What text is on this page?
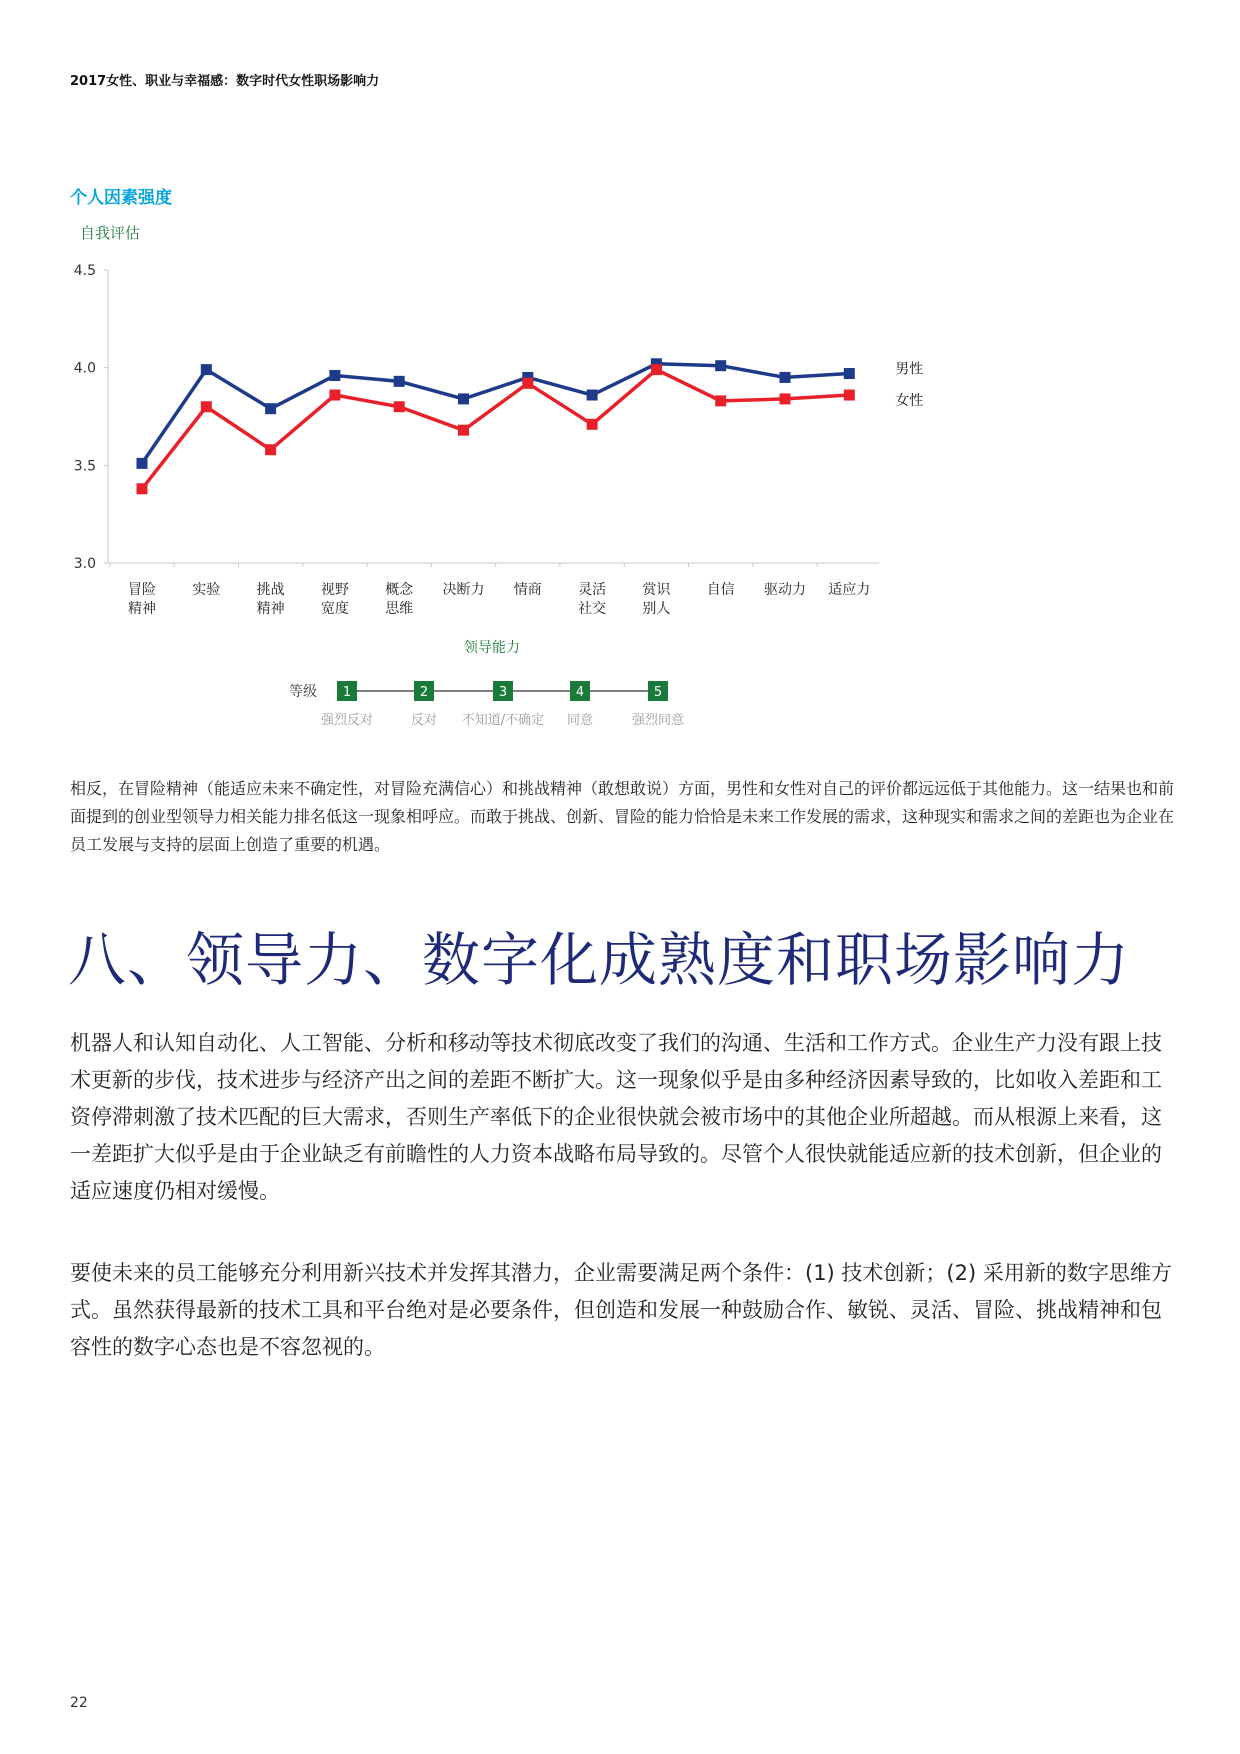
2017女性、职业与幸福感：数字时代女性职场影响力
个人因素强度
自我评估
3.0
3.5
4.0
4.5
冒险
精神
实验	挑战
精神
视野
宽度
概念
思维
决断力 情商	灵活
社交
赏识
别人
自信 驱动力 适应力
领导能力
男性
女性
等级 1
强烈反对
2
反对
3
不知道/不确定
4
同意
5
强烈同意
相反，在冒险精神（能适应未来不确定性，对冒险充满信心）和挑战精神（敢想敢说）方面，男性和女性对自己的评价都远远低于其他能力。这一结果也和前面提到的创业型领导力相关能力排名低这一现象相呼应。而敢于挑战、创新、冒险的能力恰恰是未来工作发展的需求，这种现实和需求之间的差距也为企业在员工发展与支持的层面上创造了重要的机遇。
八、领导力、数字化成熟度和职场影响力
机器人和认知自动化、人工智能、分析和移动等技术彻底改变了我们的沟通、生活和工作方式。企业生产力没有跟上技术更新的步伐，技术进步与经济产出之间的差距不断扩大。这一现象似乎是由多种经济因素导致的，比如收入差距和工资停滞刺激了技术匹配的巨大需求，否则生产率低下的企业很快就会被市场中的其他企业所超越。而从根源上来看，这一差距扩大似乎是由于企业缺乏有前瞻性的人力资本战略布局导致的。尽管个人很快就能适应新的技术创新，但企业的适应速度仍相对缓慢。
要使未来的员工能够充分利用新兴技术并发挥其潜力，企业需要满足两个条件：(1) 技术创新；(2) 采用新的数字思维方式。虽然获得最新的技术工具和平台绝对是必要条件，但创造和发展一种鼓励合作、敏锐、灵活、冒险、挑战精神和包容性的数字心态也是不容忽视的。
22
